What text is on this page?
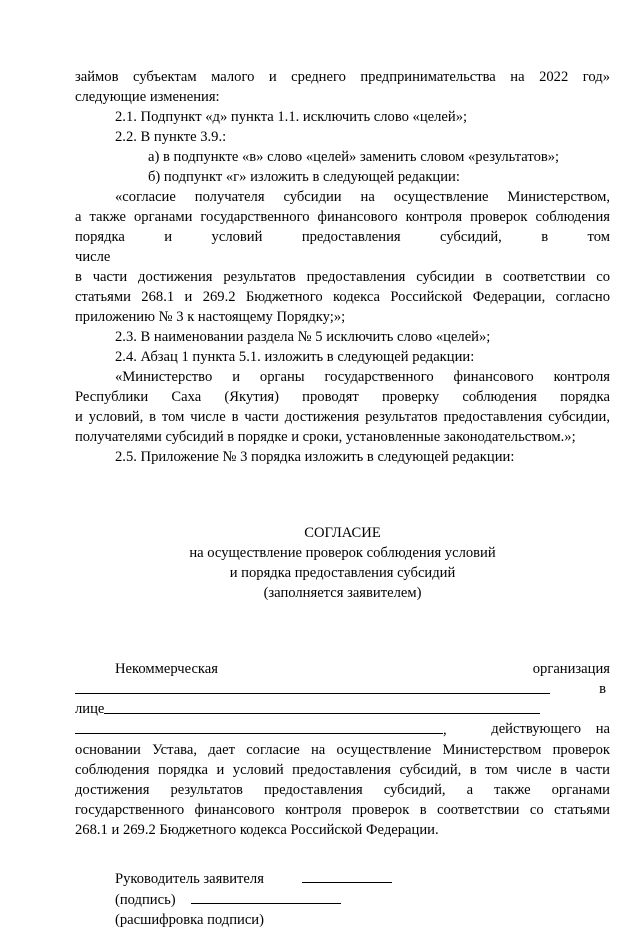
займов субъектам малого и среднего предпринимательства на 2022 год»

следующие изменения:

2.1. Подпункт «д» пункта 1.1. исключить слово «целей»;

2.2. В пункте 3.9.:

а) в подпункте «в» слово «целей» заменить словом «результатов»;

б) подпункт «г» изложить в следующей редакции:

«согласие получателя субсидии на осуществление Министерством,

а также органами государственного финансового контроля проверок соблюдения

порядка и условий предоставления субсидий, в том числе

в части достижения результатов предоставления субсидии в соответствии со

статьями 268.1 и 269.2 Бюджетного кодекса Российской Федерации, согласно

приложению № 3 к настоящему Порядку;»;

2.3. В наименовании раздела № 5 исключить слово «целей»;

2.4. Абзац 1 пункта 5.1. изложить в следующей редакции:

«Министерство и органы государственного финансового контроля

Республики Саха (Якутия) проводят проверку соблюдения порядка

и условий, в том числе в части достижения результатов предоставления субсидии,

получателями субсидий в порядке и сроки, установленные законодательством.»;

2.5. Приложение № 3 порядка изложить в следующей редакции:

СОГЛАСИЕ

на осуществление проверок соблюдения условий

и порядка предоставления субсидий

(заполняется заявителем)

Некоммерческая	организация
в
лице
,	действующего на

основании Устава, дает согласие на осуществление Министерством проверок

соблюдения порядка и условий предоставления субсидий, в том числе в части

достижения результатов предоставления субсидий, а также органами

государственного финансового контроля проверок в соответствии со статьями

268.1 и 269.2 Бюджетного кодекса Российской Федерации.

Руководитель заявителя

(подпись)

(расшифровка подписи)
